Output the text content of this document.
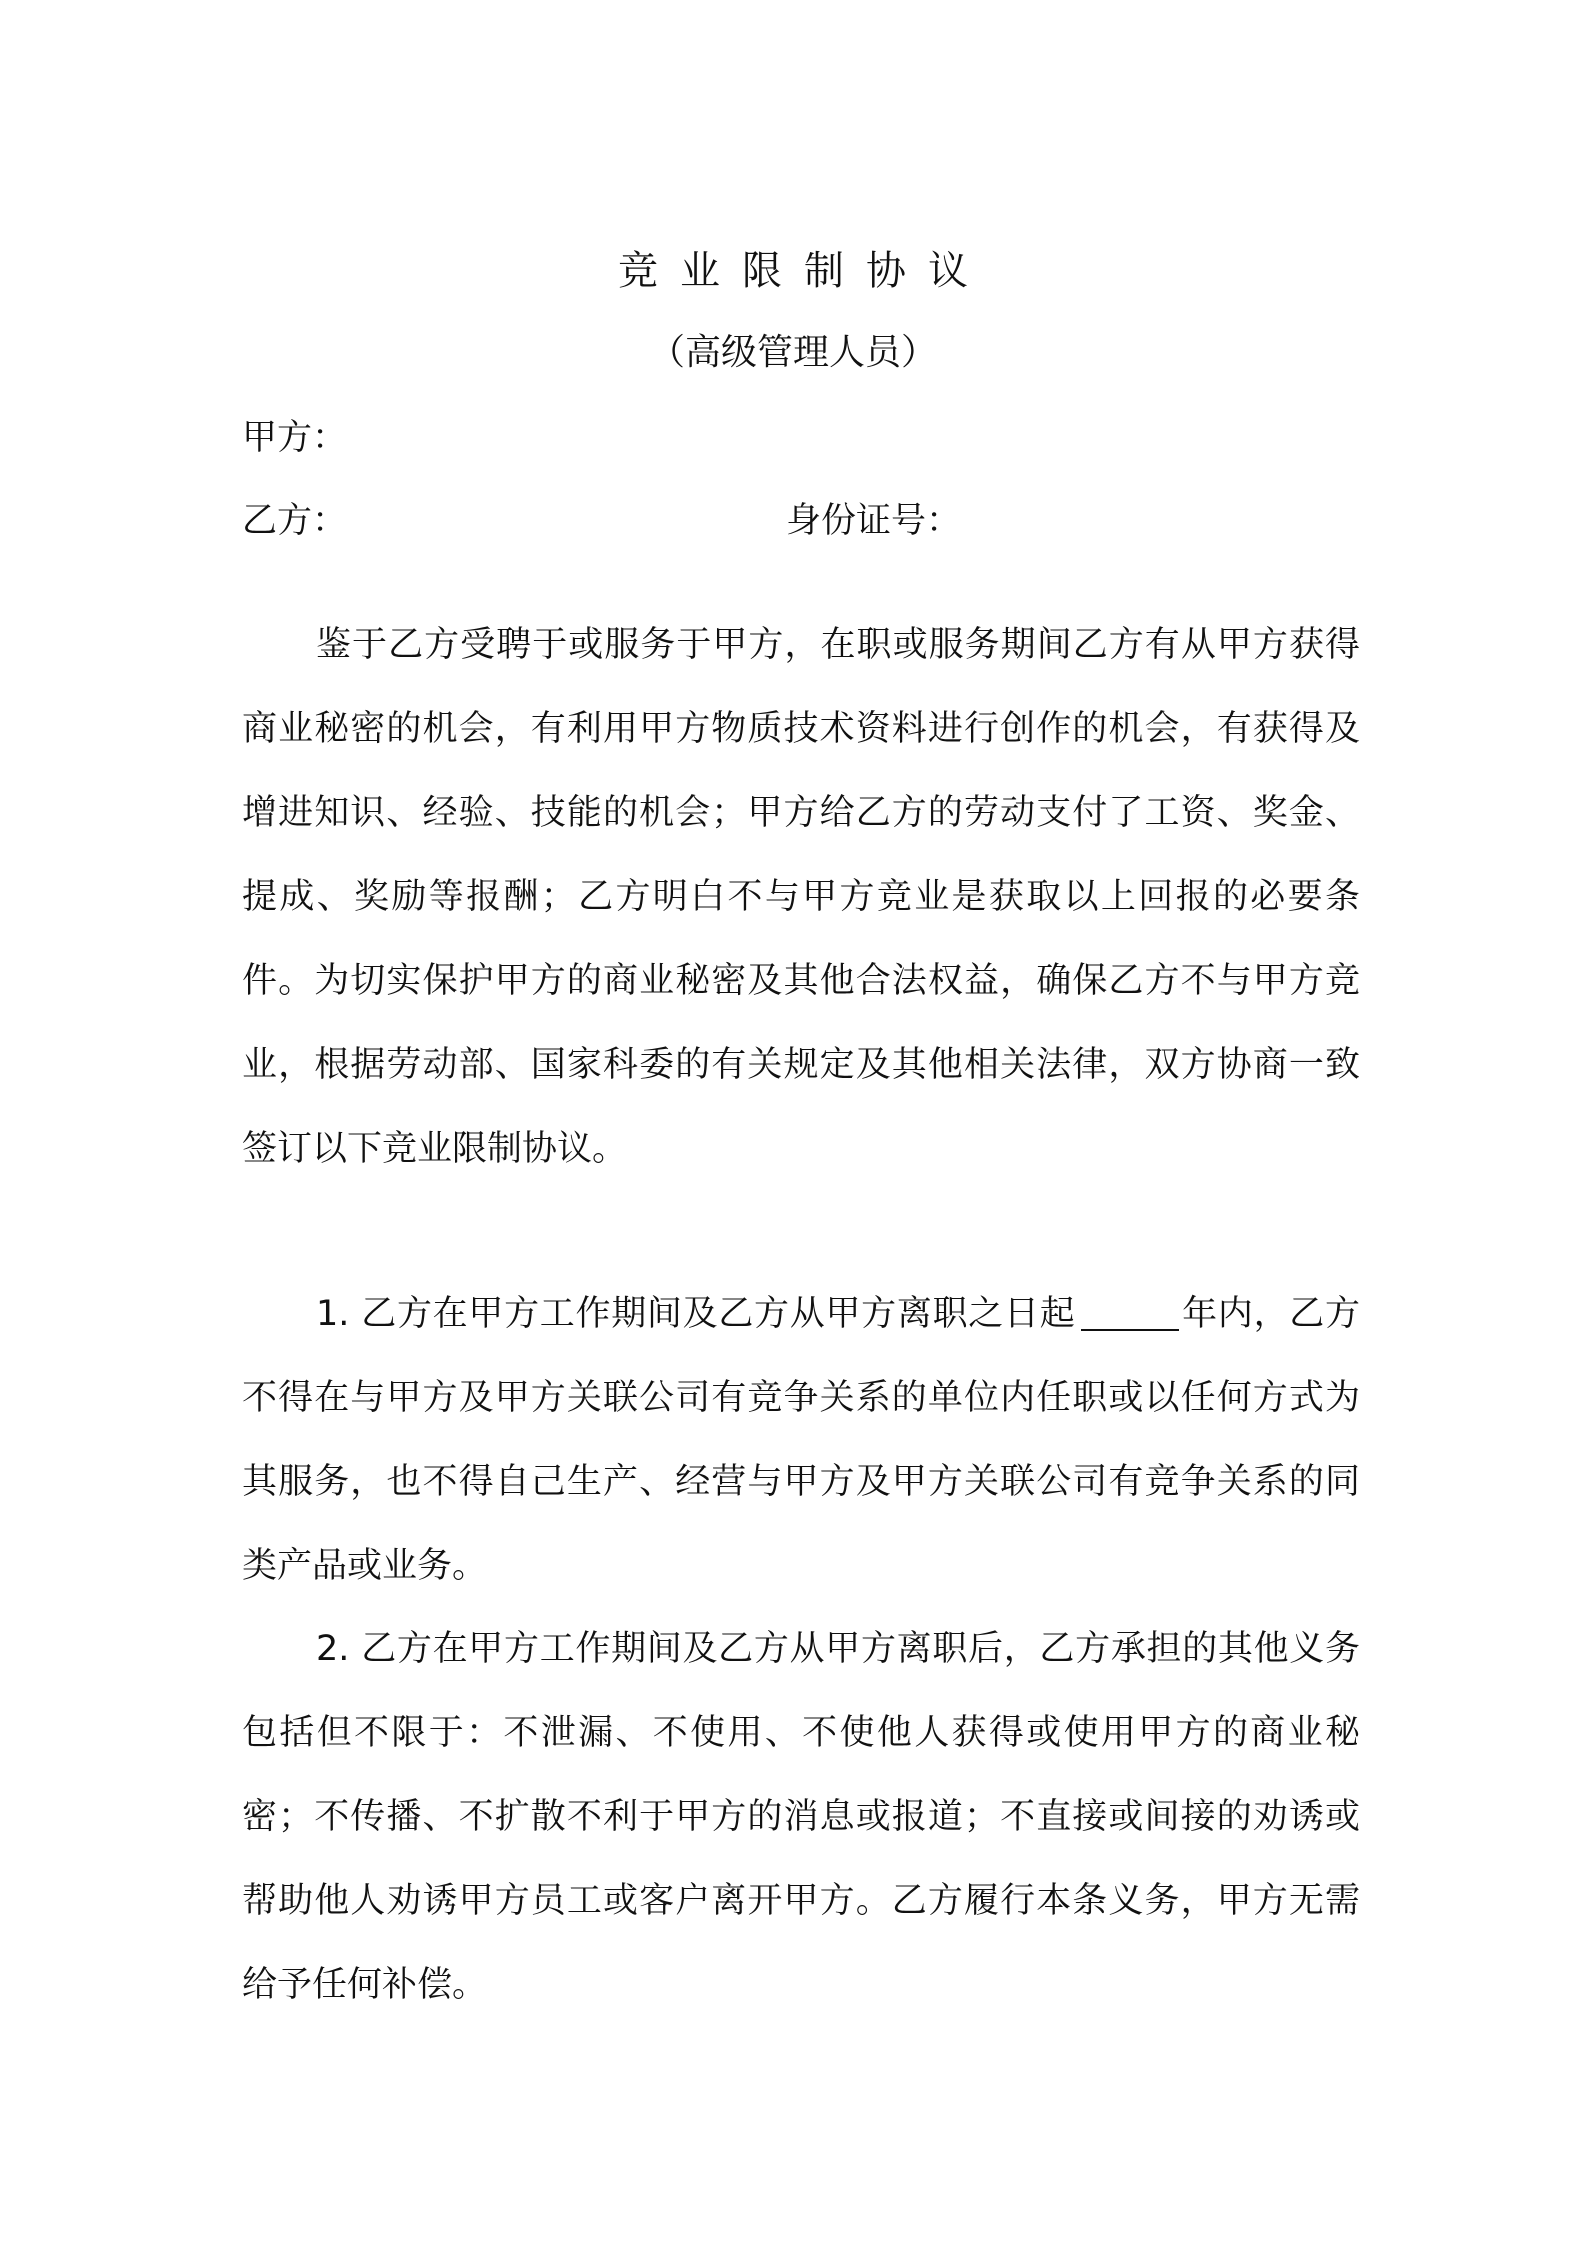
竞业限制协议
（高级管理人员）
甲方：
乙方：	身份证号：

鉴于乙方受聘于或服务于甲方，在职或服务期间乙方有从甲方获得商业秘密的机会，有利用甲方物质技术资料进行创作的机会，有获得及增进知识、经验、技能的机会；甲方给乙方的劳动支付了工资、奖金、提成、奖励等报酬；乙方明白不与甲方竞业是获取以上回报的必要条件。为切实保护甲方的商业秘密及其他合法权益，确保乙方不与甲方竞业，根据劳动部、国家科委的有关规定及其他相关法律，双方协商一致签订以下竞业限制协议。

1. 乙方在甲方工作期间及乙方从甲方离职之日起	年内，乙方不得在与甲方及甲方关联公司有竞争关系的单位内任职或以任何方式为其服务，也不得自己生产、经营与甲方及甲方关联公司有竞争关系的同类产品或业务。

2. 乙方在甲方工作期间及乙方从甲方离职后，乙方承担的其他义务包括但不限于：不泄漏、不使用、不使他人获得或使用甲方的商业秘密；不传播、不扩散不利于甲方的消息或报道；不直接或间接的劝诱或帮助他人劝诱甲方员工或客户离开甲方。乙方履行本条义务，甲方无需给予任何补偿。
